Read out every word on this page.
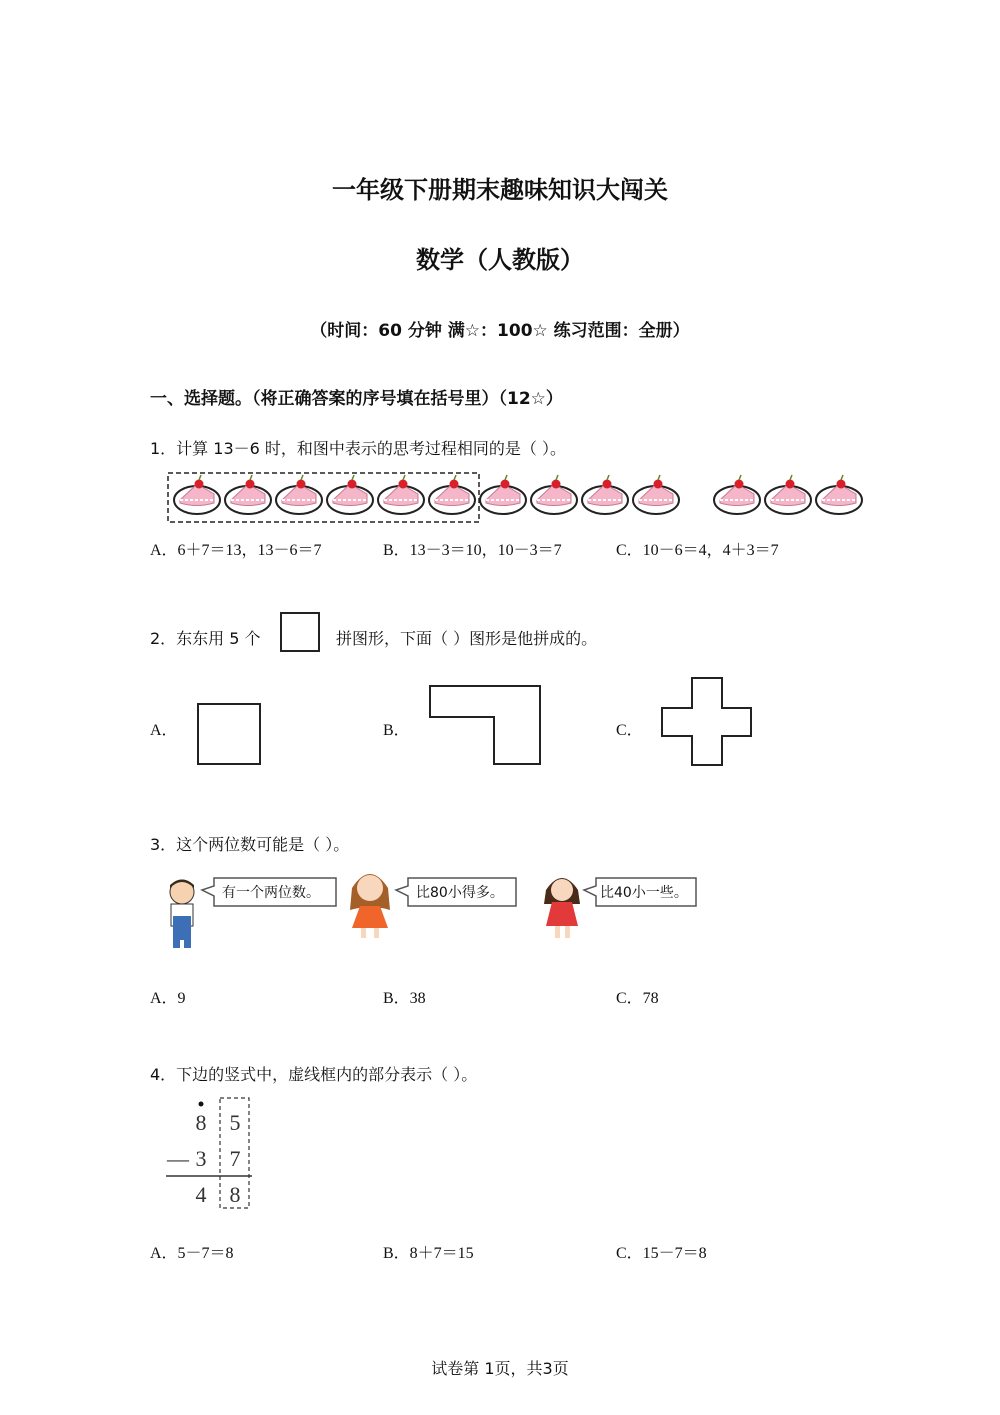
一年级下册期末趣味知识大闯关
数学（人教版）
（时间：60 分钟 满☆：100☆ 练习范围：全册）
一、选择题。（将正确答案的序号填在括号里）（12☆）
1．计算 13－6 时，和图中表示的思考过程相同的是（ ）。
A．6＋7＝13，13－6＝7	B．13－3＝10，10－3＝7	C．10－6＝4，4＋3＝7
2．东东用 5 个	拼图形，下面（ ）图形是他拼成的。
A．	B．	C．
3．这个两位数可能是（ ）。
有一个两位数。	比80小得多。	比40小一些。
A．9	B．38	C．78
4．下边的竖式中，虚线框内的部分表示（ ）。
8 5
— 3 7
4 8
A．5－7＝8	B．8＋7＝15	C．15－7＝8
试卷第 1页，共3页
